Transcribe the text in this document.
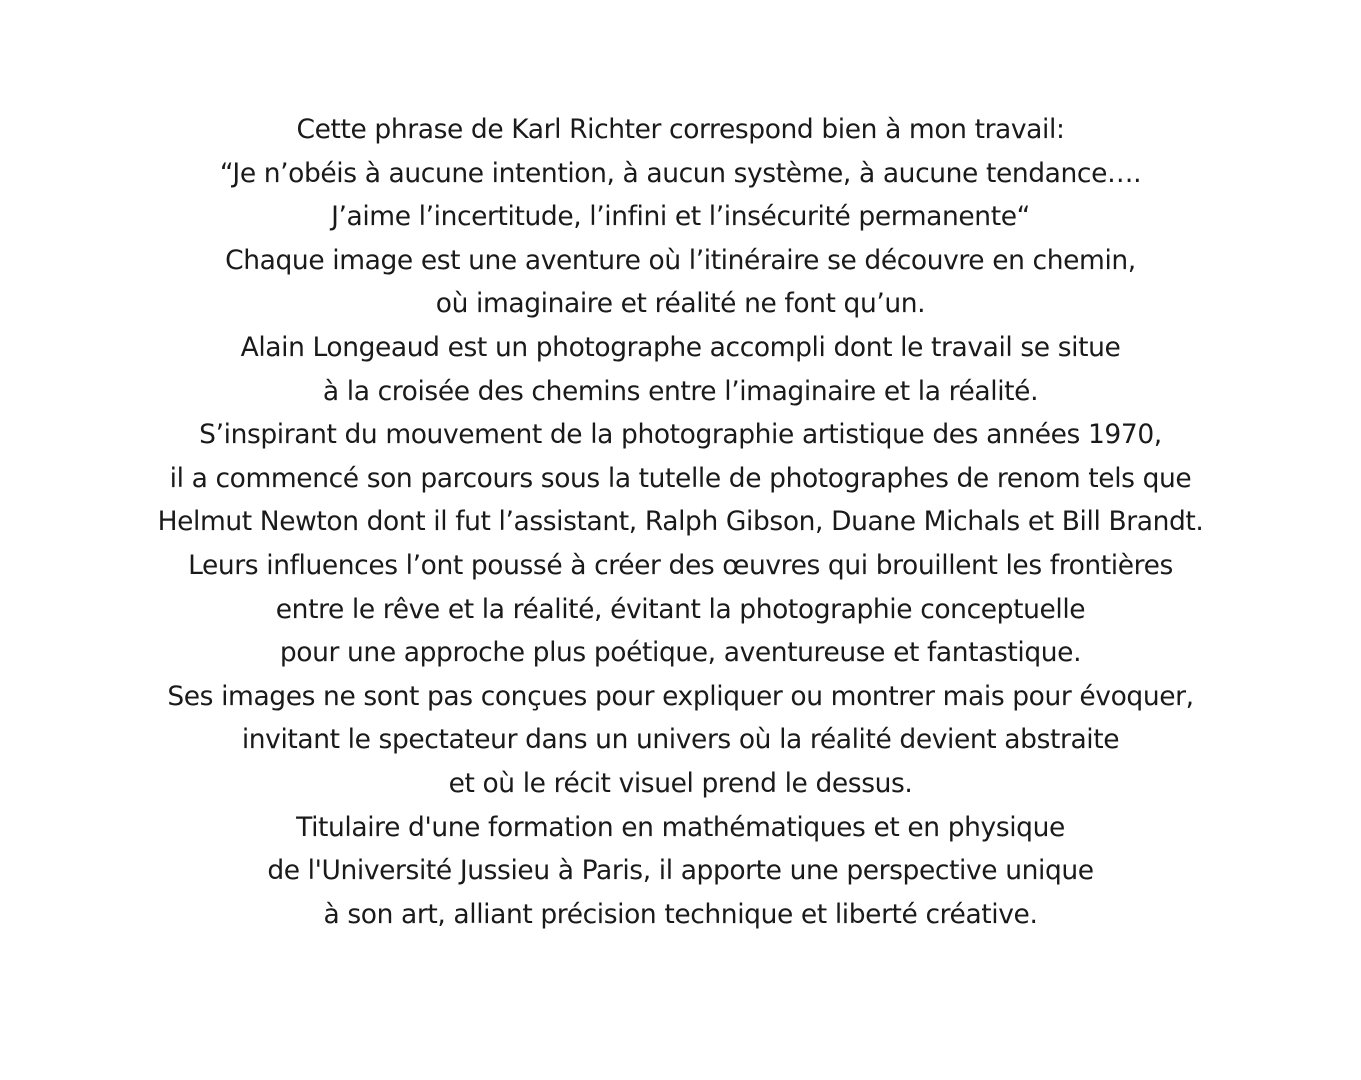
Cette phrase de Karl Richter correspond bien à mon travail:
“Je n’obéis à aucune intention, à aucun système, à aucune tendance….
J’aime l’incertitude, l’infini et l’insécurité permanente“
Chaque image est une aventure où l’itinéraire se découvre en chemin,
où imaginaire et réalité ne font qu’un.
Alain Longeaud est un photographe accompli dont le travail se situe
à la croisée des chemins entre l’imaginaire et la réalité.
S’inspirant du mouvement de la photographie artistique des années 1970,
il a commencé son parcours sous la tutelle de photographes de renom tels que
Helmut Newton dont il fut l’assistant, Ralph Gibson, Duane Michals et Bill Brandt.
Leurs influences l’ont poussé à créer des œuvres qui brouillent les frontières
entre le rêve et la réalité, évitant la photographie conceptuelle
pour une approche plus poétique, aventureuse et fantastique.
Ses images ne sont pas conçues pour expliquer ou montrer mais pour évoquer,
invitant le spectateur dans un univers où la réalité devient abstraite
et où le récit visuel prend le dessus.
Titulaire d'une formation en mathématiques et en physique
de l'Université Jussieu à Paris, il apporte une perspective unique
à son art, alliant précision technique et liberté créative.
